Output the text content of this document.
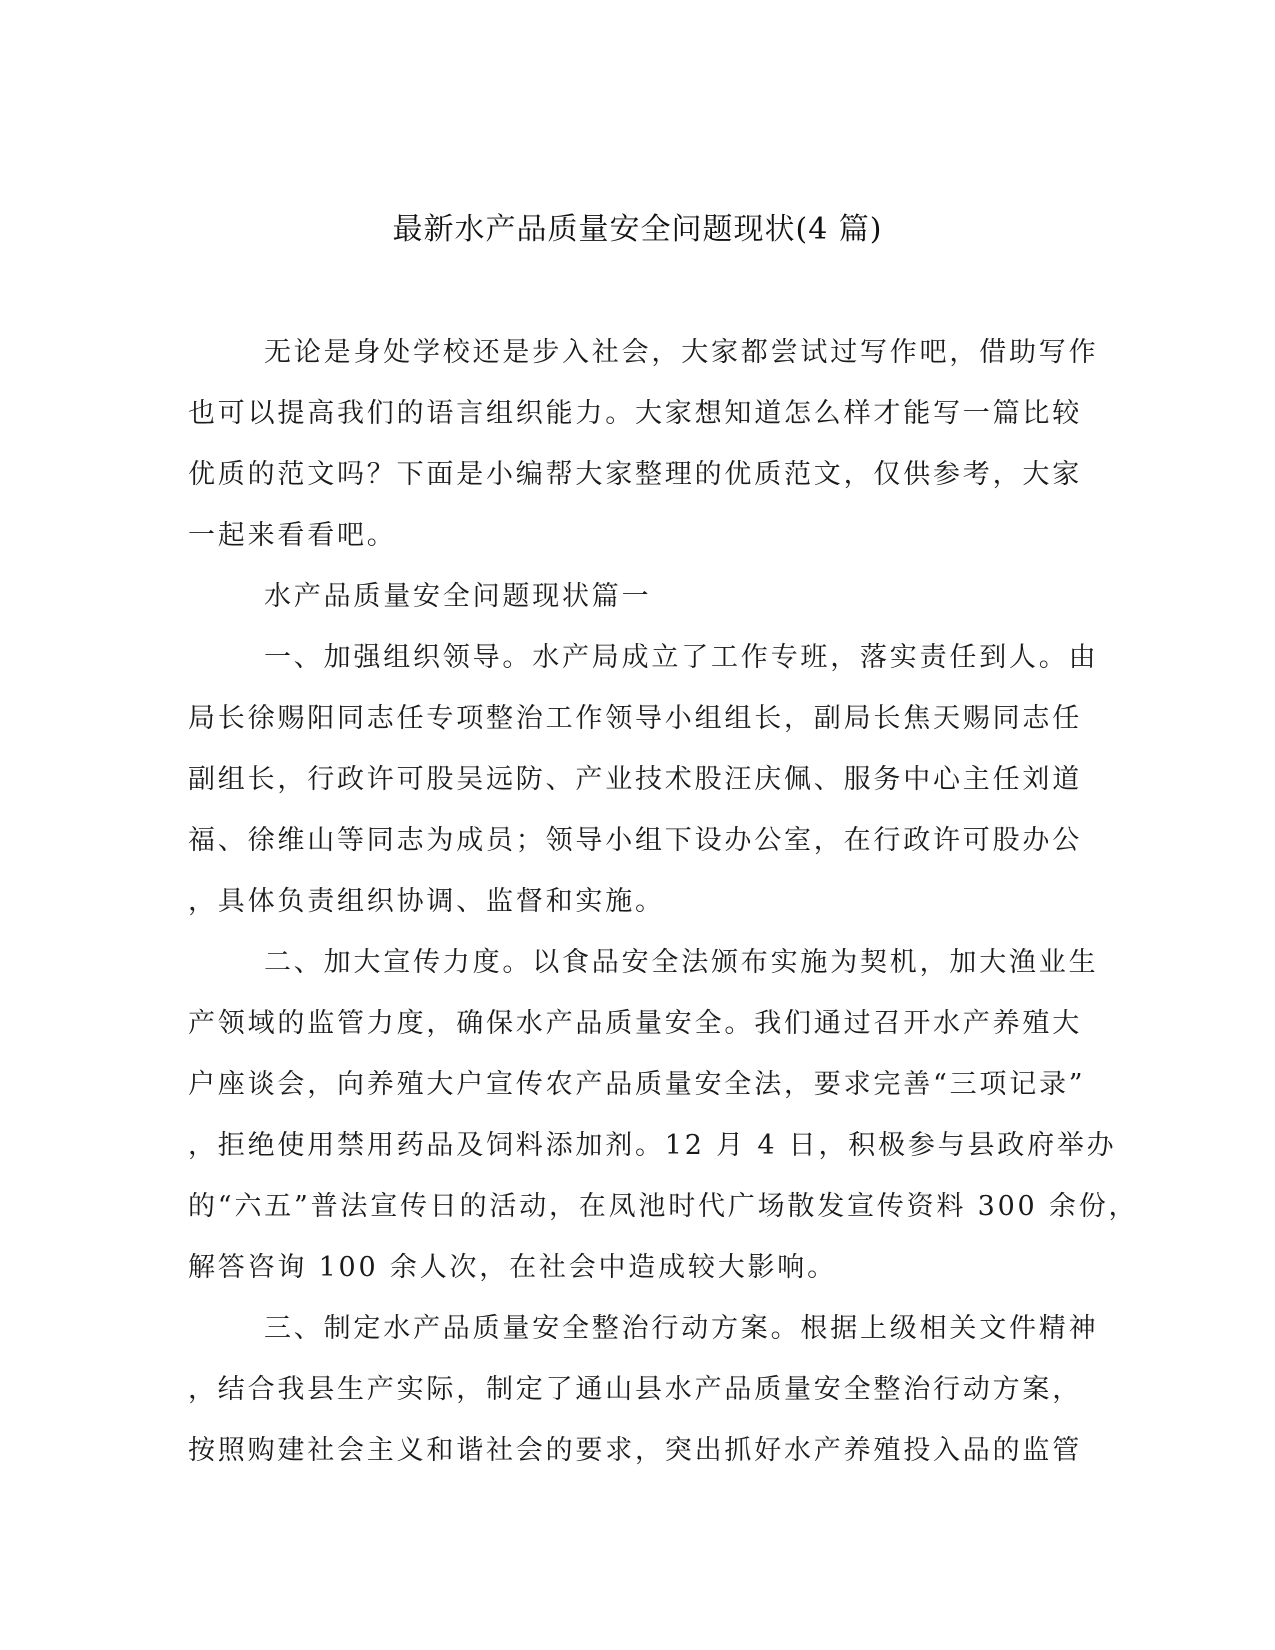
最新水产品质量安全问题现状(4 篇)
无论是身处学校还是步入社会，大家都尝试过写作吧，借助写作
也可以提高我们的语言组织能力。大家想知道怎么样才能写一篇比较
优质的范文吗？下面是小编帮大家整理的优质范文，仅供参考，大家
一起来看看吧。
水产品质量安全问题现状篇一
一、加强组织领导。水产局成立了工作专班，落实责任到人。由
局长徐赐阳同志任专项整治工作领导小组组长，副局长焦天赐同志任
副组长，行政许可股吴远防、产业技术股汪庆佩、服务中心主任刘道
福、徐维山等同志为成员；领导小组下设办公室，在行政许可股办公
，具体负责组织协调、监督和实施。
二、加大宣传力度。以食品安全法颁布实施为契机，加大渔业生
产领域的监管力度，确保水产品质量安全。我们通过召开水产养殖大
户座谈会，向养殖大户宣传农产品质量安全法，要求完善“三项记录”
，拒绝使用禁用药品及饲料添加剂。12 月 4 日，积极参与县政府举办
的“六五”普法宣传日的活动，在凤池时代广场散发宣传资料 300 余份，
解答咨询 100 余人次，在社会中造成较大影响。
三、制定水产品质量安全整治行动方案。根据上级相关文件精神
，结合我县生产实际，制定了通山县水产品质量安全整治行动方案，
按照购建社会主义和谐社会的要求，突出抓好水产养殖投入品的监管
